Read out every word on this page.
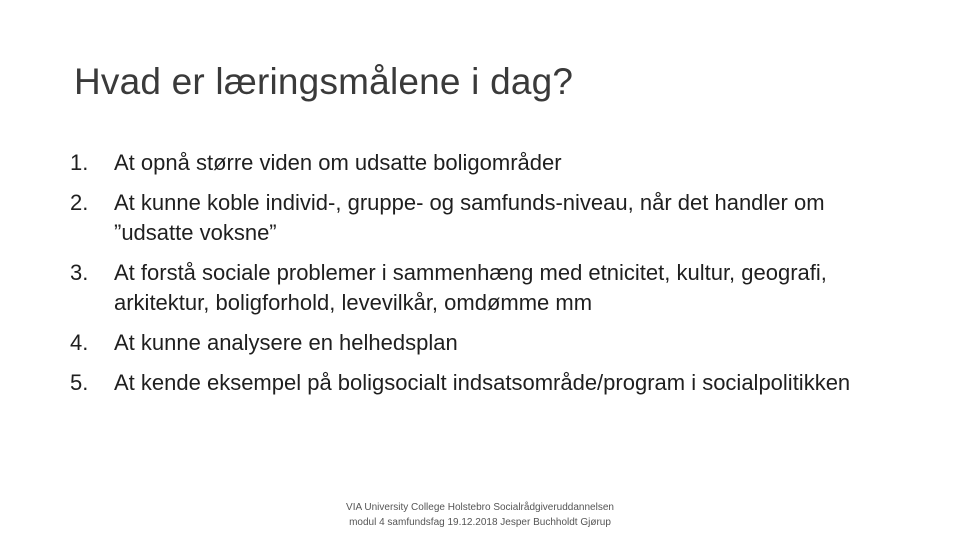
Hvad er læringsmålene i dag?
1.	At opnå større viden om udsatte boligområder
2.	At kunne koble individ-, gruppe- og samfunds-niveau, når det handler om ”udsatte voksne”
3.	At forstå sociale problemer i sammenhæng med etnicitet, kultur, geografi, arkitektur, boligforhold, levevilkår, omdømme mm
4.	At kunne analysere en helhedsplan
5.	At kende eksempel på boligsocialt indsatsområde/program i socialpolitikken
VIA University College Holstebro Socialrådgiveruddannelsen
modul 4 samfundsfag 19.12.2018 Jesper Buchholdt Gjørup
